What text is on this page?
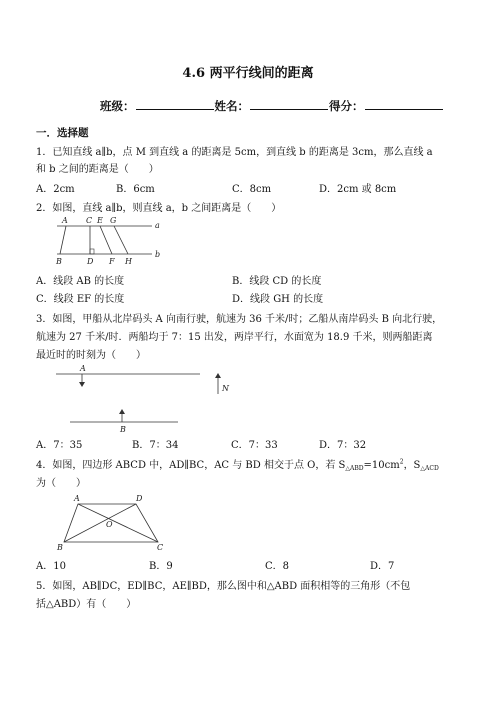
4.6 两平行线间的距离
班级：	姓名：	得分：
一．选择题
1．已知直线 a∥b，点 M 到直线 a 的距离是 5cm，到直线 b 的距离是 3cm，那么直线 a
和 b 之间的距离是（　　）
A．2cm	B．6cm	C．8cm	D．2cm 或 8cm
2．如图，直线 a∥b，则直线 a，b 之间距离是（　　）
A C E G
a
B	D F H
b
A．线段 AB 的长度	B．线段 CD 的长度
C．线段 EF 的长度	D．线段 GH 的长度
3．如图，甲船从北岸码头 A 向南行驶，航速为 36 千米/时；乙船从南岸码头 B 向北行驶，
航速为 27 千米/时．两船均于 7：15 出发，两岸平行，水面宽为 18.9 千米，则两船距离
最近时的时刻为（　　）
A
B
N
A．7：35	B．7：34	C．7：33	D．7：32
4．如图，四边形 ABCD 中，AD∥BC，AC 与 BD 相交于点 O，若 $S_{\triangle ABD}=10cm^2$，$S_{\triangle ACD}$
为（　　）
A	D
O
B	C
A．10	B．9	C．8	D．7
5．如图，AB∥DC，ED∥BC，AE∥BD，那么图中和△ABD 面积相等的三角形（不包
括△ABD）有（　　）
